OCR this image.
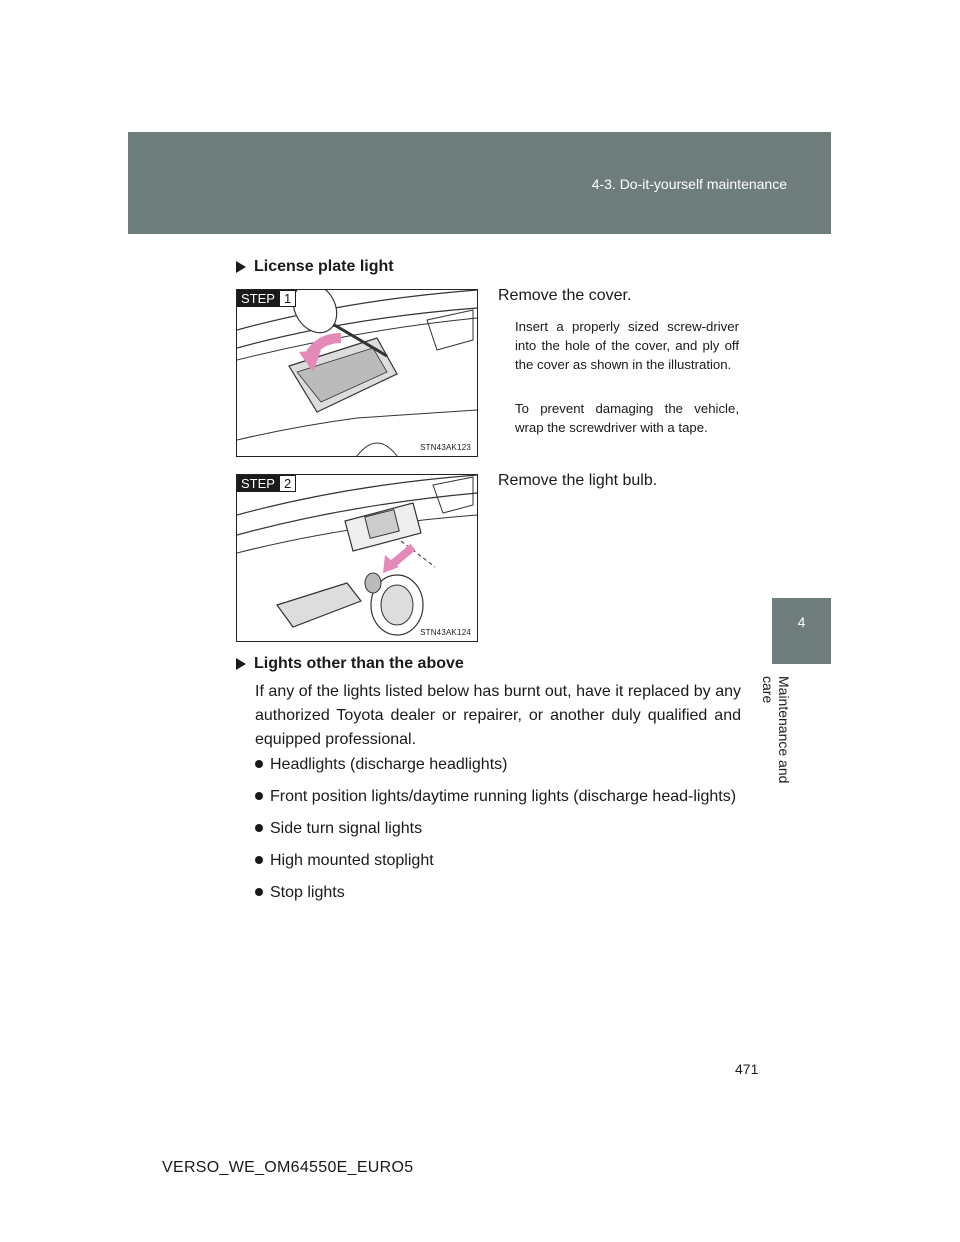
4-3. Do-it-yourself maintenance
4
Maintenance and care
License plate light
STEP 1
STN43AK123
Remove the cover.
Insert a properly sized screw-driver into the hole of the cover, and ply off the cover as shown in the illustration.
To prevent damaging the vehicle, wrap the screwdriver with a tape.
STEP 2
STN43AK124
Remove the light bulb.
Lights other than the above
If any of the lights listed below has burnt out, have it replaced by any authorized Toyota dealer or repairer, or another duly qualified and equipped professional.
Headlights (discharge headlights)
Front position lights/daytime running lights (discharge head-lights)
Side turn signal lights
High mounted stoplight
Stop lights
471
VERSO_WE_OM64550E_EURO5
